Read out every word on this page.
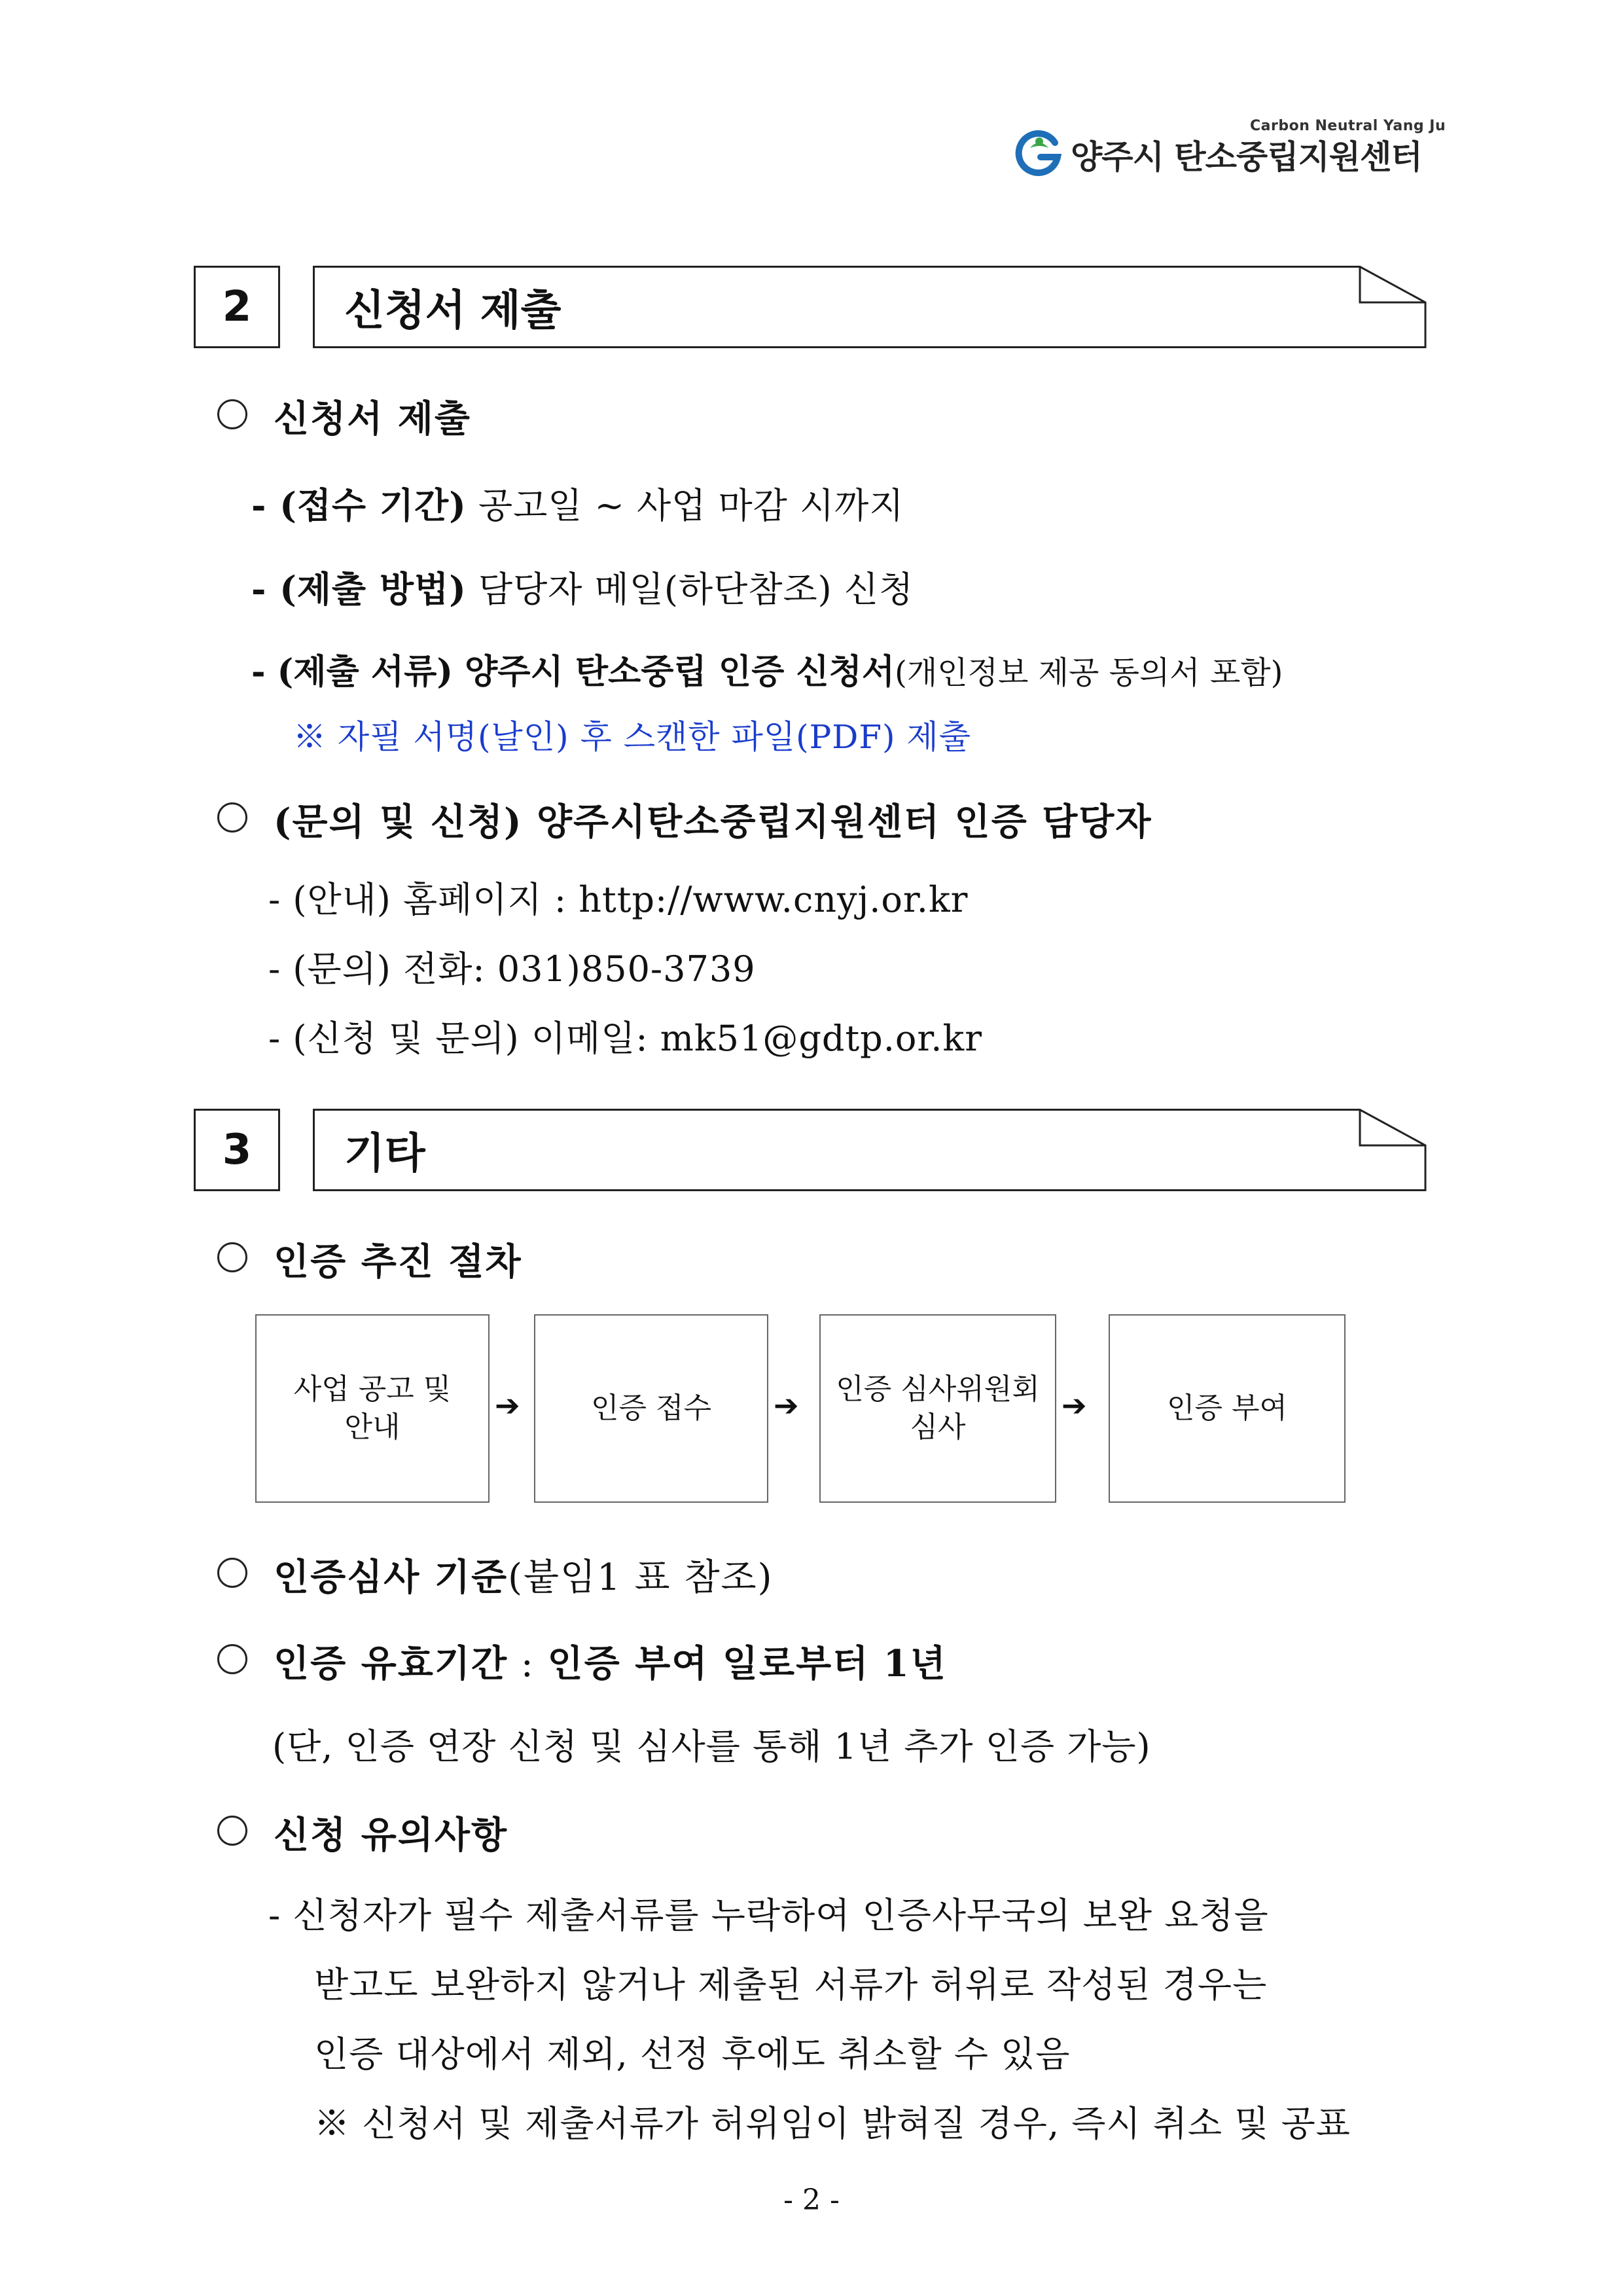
Carbon Neutral Yang Ju
양주시 탄소중립지원센터
2	신청서 제출
신청서 제출
- (접수 기간) 공고일 ~ 사업 마감 시까지
- (제출 방법) 담당자 메일(하단참조) 신청
- (제출 서류) 양주시 탄소중립 인증 신청서(개인정보 제공 동의서 포함)
※ 자필 서명(날인) 후 스캔한 파일(PDF) 제출
(문의 및 신청) 양주시탄소중립지원센터 인증 담당자
- (안내) 홈페이지 : http://www.cnyj.or.kr
- (문의) 전화: 031)850-3739
- (신청 및 문의) 이메일: mk51@gdtp.or.kr
3	기타
인증 추진 절차
사업 공고 및
안내
➔ 인증 접수 ➔ 인증 심사위원회
심사
➔	인증 부여
인증심사 기준(붙임1 표 참조)
인증 유효기간 : 인증 부여 일로부터 1년
(단, 인증 연장 신청 및 심사를 통해 1년 추가 인증 가능)
신청 유의사항
- 신청자가 필수 제출서류를 누락하여 인증사무국의 보완 요청을
받고도 보완하지 않거나 제출된 서류가 허위로 작성된 경우는
인증 대상에서 제외, 선정 후에도 취소할 수 있음
※ 신청서 및 제출서류가 허위임이 밝혀질 경우, 즉시 취소 및 공표
- 2 -
